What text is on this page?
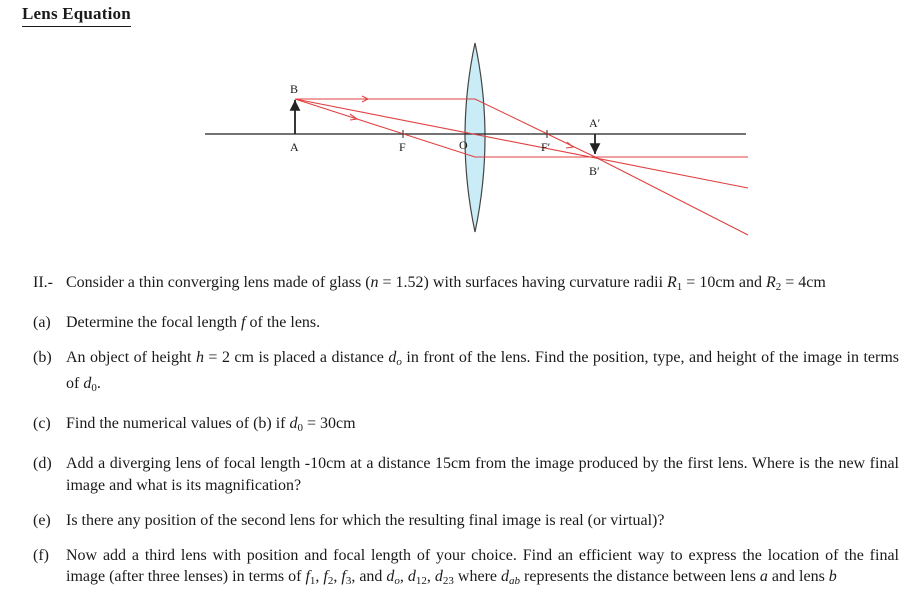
Lens Equation
B
A	F	O	F′
A′
B′
II.- Consider a thin converging lens made of glass (n = 1.52) with surfaces having curvature radii $R_1 = 10cm$ and $R_2 = 4cm$
(a) Determine the focal length f of the lens.
(b) An object of height h = 2 cm is placed a distance do in front of the lens. Find the position, type, and height of the image in terms of $d_0$.
(c) Find the numerical values of (b) if $d_0 = 30cm$
(d) Add a diverging lens of focal length -10cm at a distance 15cm from the image produced by the first lens. Where is the new final image and what is its magnification?
(e) Is there any position of the second lens for which the resulting final image is real (or virtual)?
(f)	Now add a third lens with position and focal length of your choice. Find an efficient way to express the location of the final image (after three lenses) in terms of $f_1$, $f_2$, $f_3$, and do, $d_{12}$, $d_{23}$ where dab represents the distance between lens a and lens b
